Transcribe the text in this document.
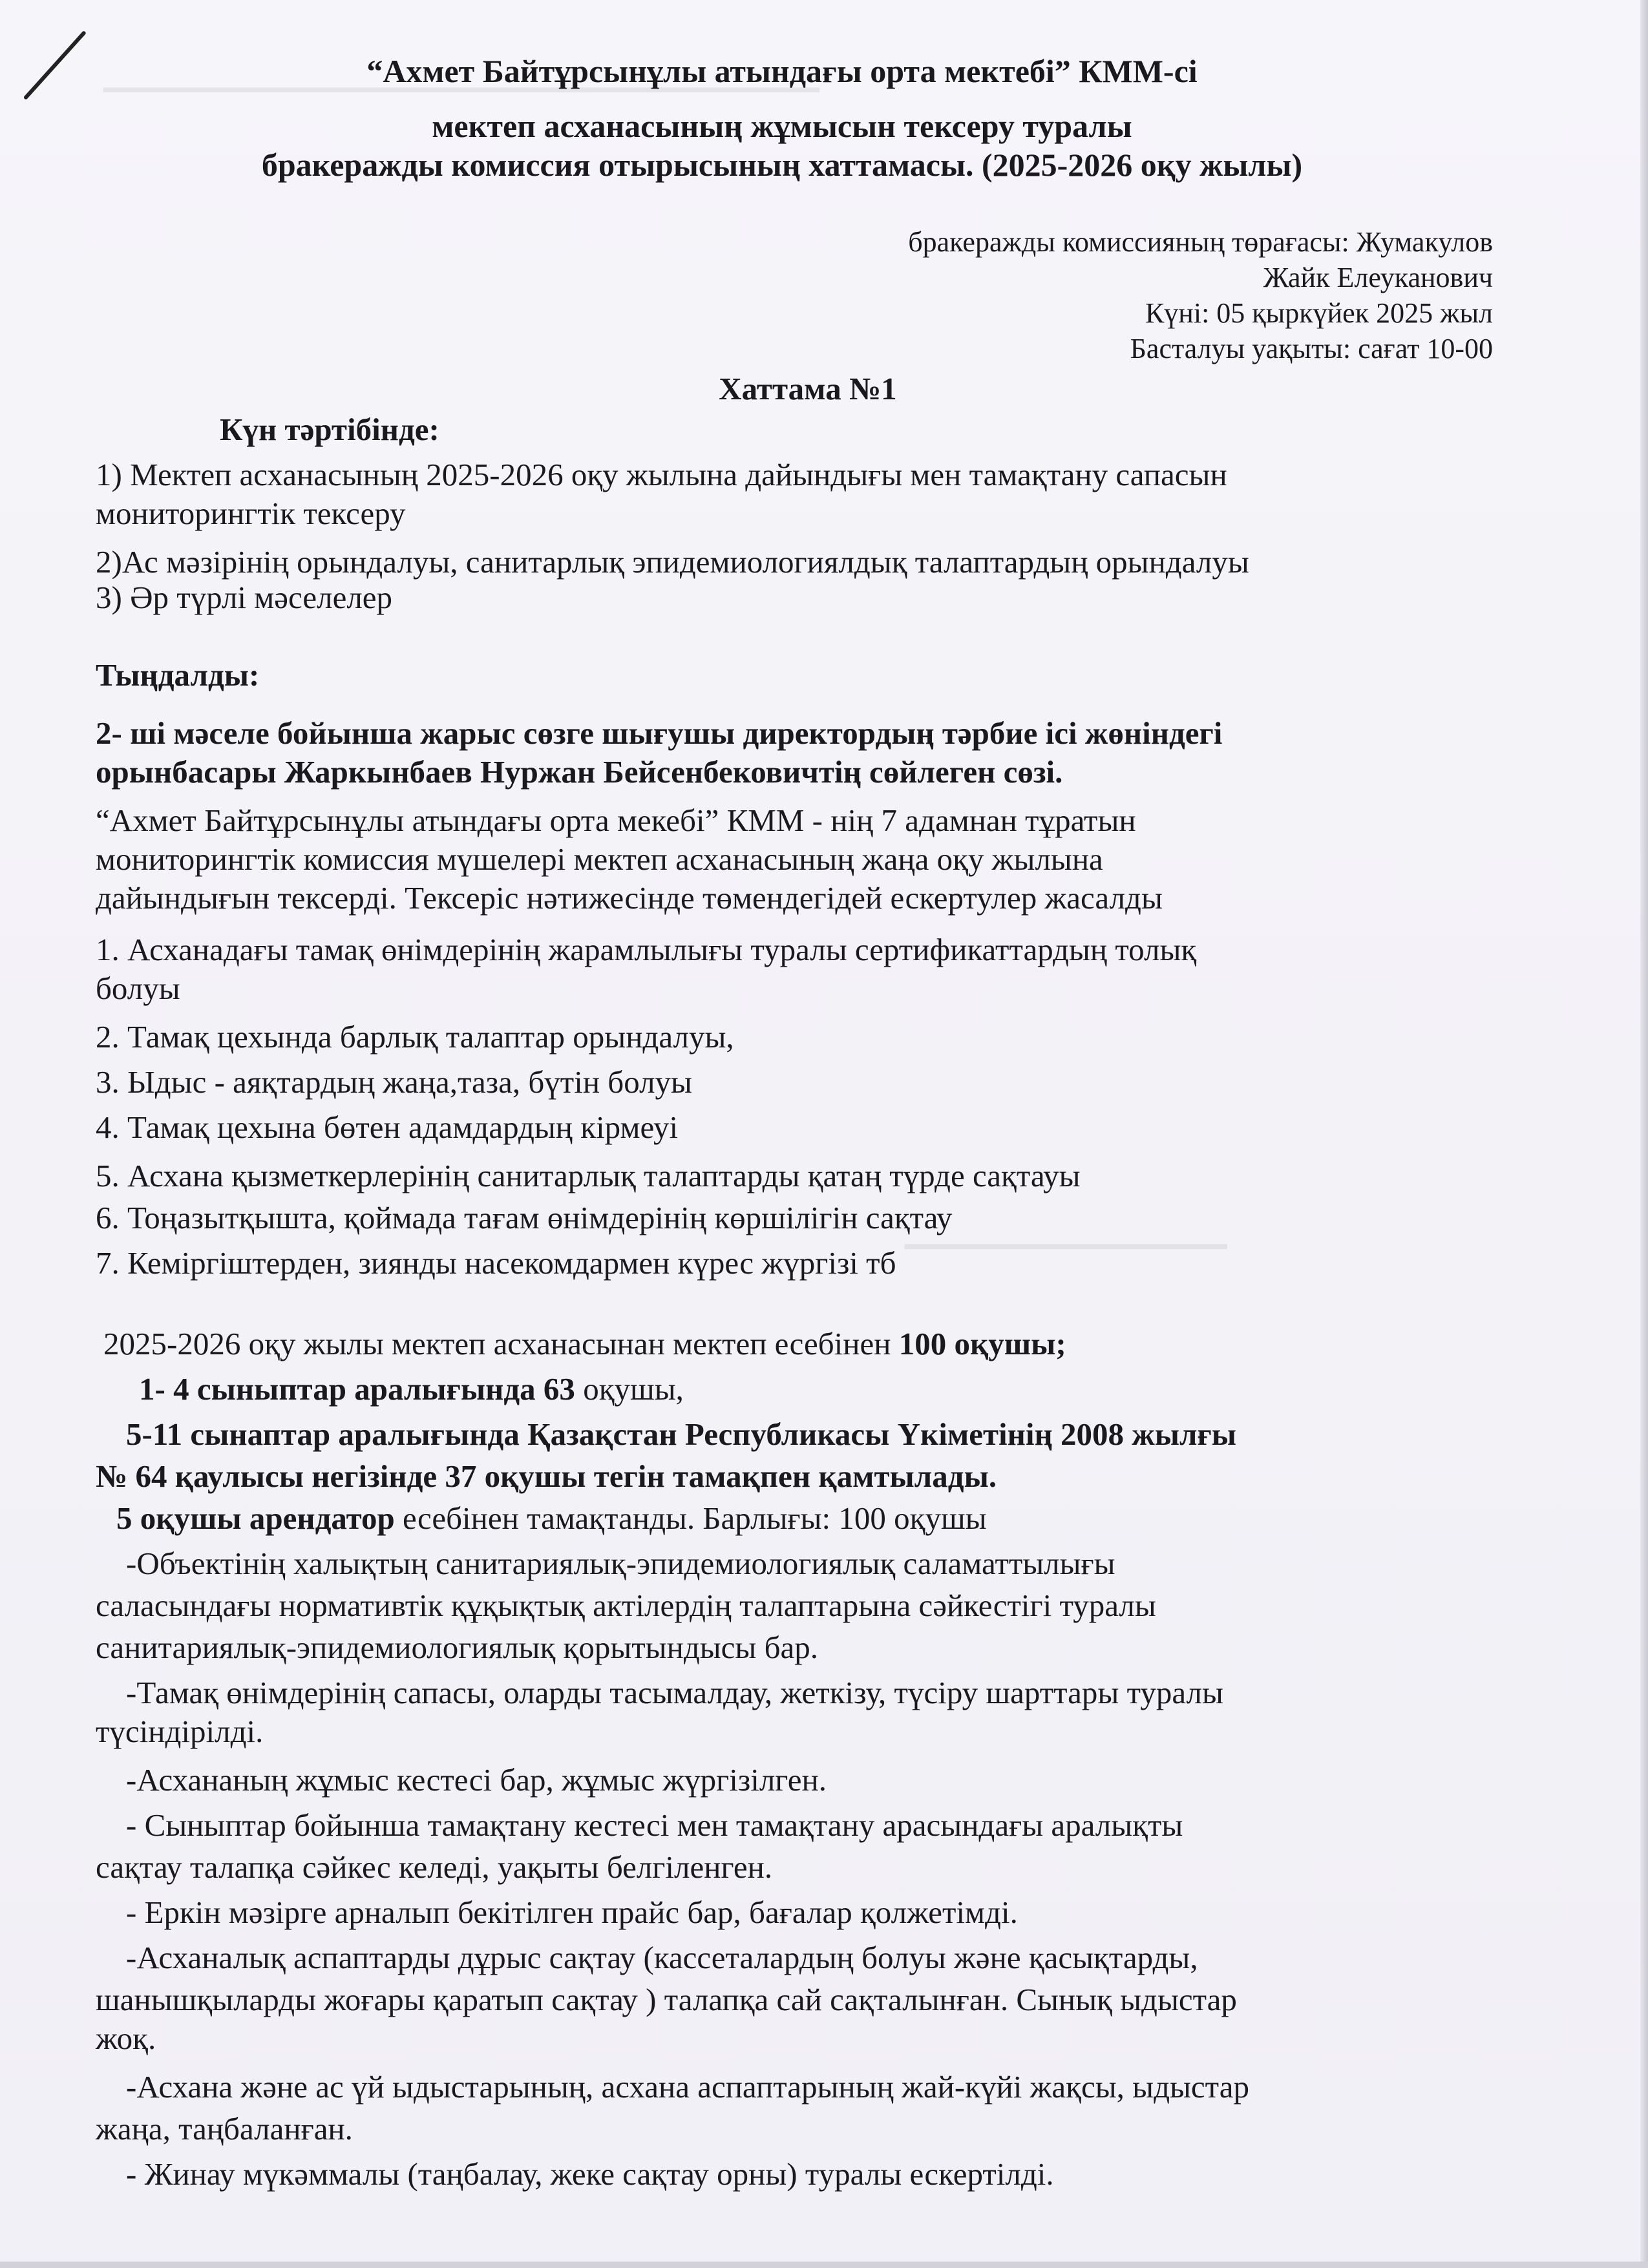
━━━━━━━━━━━━━━━━━━━━━━━━━━━━━━━━━━━━━━━━
━━━━━━━━━━━━━━━━━━
“Ахмет Байтұрсынұлы атындағы орта мектебі” КММ-сі
мектеп асханасының жұмысын тексеру туралы
бракеражды комиссия отырысының хаттамасы. (2025-2026 оқу жылы)
бракеражды комиссияның төрағасы: Жумакулов
Жайк Елеуканович
Күні: 05 қыркүйек 2025 жыл
Басталуы уақыты: сағат 10-00
Хаттама №1
Күн тәртібінде:
1) Мектеп асханасының 2025-2026 оқу жылына дайындығы мен тамақтану сапасын
мониторингтік тексеру
2)Ас мәзірінің орындалуы, санитарлық эпидемиологиялдық талаптардың орындалуы
3) Әр түрлі мәселелер
Тыңдалды:
2- ші мәселе бойынша жарыс сөзге шығушы директордың тәрбие ісі жөніндегі
орынбасары Жаркынбаев Нуржан Бейсенбековичтің сөйлеген сөзі.
“Ахмет Байтұрсынұлы атындағы орта мекебі” КММ - нің 7 адамнан тұратын
мониторингтік комиссия мүшелері мектеп асханасының жаңа оқу жылына
дайындығын тексерді. Тексеріс нәтижесінде төмендегідей ескертулер жасалды
1. Асханадағы тамақ өнімдерінің жарамлылығы туралы сертификаттардың толық
болуы
2. Тамақ цехында барлық талаптар орындалуы,
3. Ыдыс - аяқтардың жаңа,таза, бүтін болуы
4. Тамақ цехына бөтен адамдардың кірмеуі
5. Асхана қызметкерлерінің санитарлық талаптарды қатаң түрде сақтауы
6. Тоңазытқышта, қоймада тағам өнімдерінің көршілігін сақтау
7. Кеміргіштерден, зиянды насекомдармен күрес жүргізі тб
2025-2026 оқу жылы мектеп асханасынан мектеп есебінен 100 оқушы;
1- 4 сыныптар аралығында 63 оқушы,
5-11 сынаптар аралығында Қазақстан Республикасы Үкіметінің 2008 жылғы
№ 64 қаулысы негізінде 37 оқушы тегін тамақпен қамтылады.
5 оқушы арендатор есебінен тамақтанды. Барлығы: 100 оқушы
-Объектінің халықтың санитариялық-эпидемиологиялық саламаттылығы
саласындағы нормативтік құқықтық актілердің талаптарына сәйкестігі туралы
санитариялық-эпидемиологиялық қорытындысы бар.
-Тамақ өнімдерінің сапасы, оларды тасымалдау, жеткізу, түсіру шарттары туралы
түсіндірілді.
-Асхананың жұмыс кестесі бар, жұмыс жүргізілген.
- Сыныптар бойынша тамақтану кестесі мен тамақтану арасындағы аралықты
сақтау талапқа сәйкес келеді, уақыты белгіленген.
- Еркін мәзірге арналып бекітілген прайс бар, бағалар қолжетімді.
-Асханалық аспаптарды дұрыс сақтау (кассеталардың болуы және қасықтарды,
шанышқыларды жоғары қаратып сақтау ) талапқа сай сақталынған. Сынық ыдыстар
жоқ.
-Асхана және ас үй ыдыстарының, асхана аспаптарының жай-күйі жақсы, ыдыстар
жаңа, таңбаланған.
- Жинау мүкәммалы (таңбалау, жеке сақтау орны) туралы ескертілді.
